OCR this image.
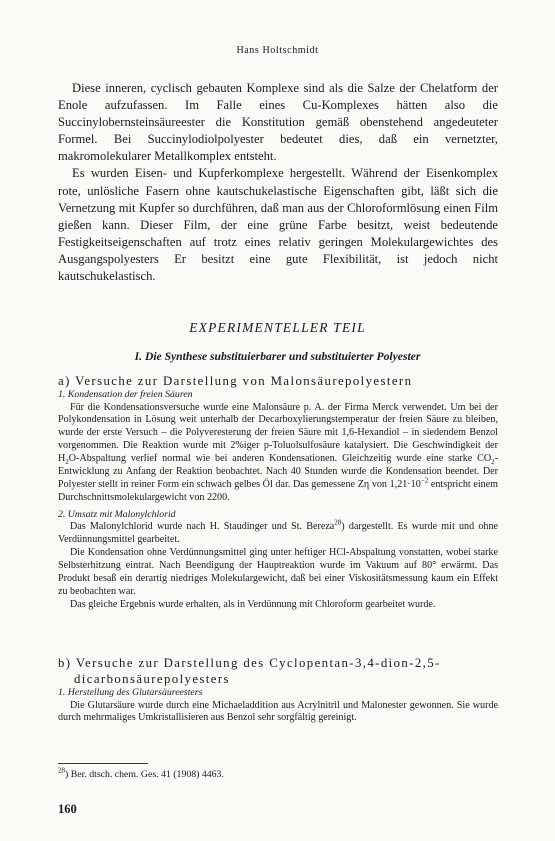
Hans Holtschmidt

Diese inneren, cyclisch gebauten Komplexe sind als die Salze der Chelatform der Enole aufzufassen. Im Falle eines Cu-Komplexes hätten also die Succinylobernsteinsäureester die Konstitution gemäß obenstehend angedeuteter Formel. Bei Succinylodiolpolyester bedeutet dies, daß ein vernetzter, makromolekularer Metallkomplex entsteht.

Es wurden Eisen- und Kupferkomplexe hergestellt. Während der Eisenkomplex rote, unlösliche Fasern ohne kautschukelastische Eigenschaften gibt, läßt sich die Vernetzung mit Kupfer so durchführen, daß man aus der Chloroformlösung einen Film gießen kann. Dieser Film, der eine grüne Farbe besitzt, weist bedeutende Festigkeitseigenschaften auf trotz eines relativ geringen Molekulargewichtes des Ausgangspolyesters Er besitzt eine gute Flexibilität, ist jedoch nicht kautschukelastisch.

EXPERIMENTELLER TEIL
I. Die Synthese substituierbarer und substituierter Polyester
a) Versuche zur Darstellung von Malonsäurepolyestern
1. Kondensation der freien Säuren

Für die Kondensationsversuche wurde eine Malonsäure p. A. der Firma Merck verwendet. Um bei der Polykondensation in Lösung weit unterhalb der Decarboxylierungstemperatur der freien Säure zu bleiben, wurde der erste Versuch – die Polyveresterung der freien Säure mit 1,6-Hexandiol – in siedendem Benzol vorgenommen. Die Reaktion wurde mit 2%iger p-Toluolsulfosäure katalysiert. Die Geschwindigkeit der $H_2O$-Abspaltung verlief normal wie bei anderen Kondensationen. Gleichzeitig wurde eine starke $CO_2$-Entwicklung zu Anfang der Reaktion beobachtet. Nach 40 Stunden wurde die Kondensation beendet. Der Polyester stellt in reiner Form ein schwach gelbes Öl dar. Das gemessene Zη von $1,21\cdot 10^{-2}$ entspricht einem Durchschnittsmolekulargewicht von 2200.

2. Umsatz mit Malonylchlorid

Das Malonylchlorid wurde nach H. Staudinger und St. Bereza$^{28}$) dargestellt. Es wurde mit und ohne Verdünnungsmittel gearbeitet.

Die Kondensation ohne Verdünnungsmittel ging unter heftiger HCl-Abspaltung vonstatten, wobei starke Selbsterhitzung eintrat. Nach Beendigung der Hauptreaktion wurde im Vakuum auf 80° erwärmt. Das Produkt besaß ein derartig niedriges Molekulargewicht, daß bei einer Viskositätsmessung kaum ein Effekt zu beobachten war.

Das gleiche Ergebnis wurde erhalten, als in Verdünnung mit Chloroform gearbeitet wurde.

b) Versuche zur Darstellung des Cyclopentan-3,4-dion-2,5-
dicarbonsäurepolyesters
1. Herstellung des Glutarsäureesters

Die Glutarsäure wurde durch eine Michaeladdition aus Acrylnitril und Malonester gewonnen. Sie wurde durch mehrmaliges Umkristallisieren aus Benzol sehr sorgfältig gereinigt.

$^{28}$) Ber. dtsch. chem. Ges. 41 (1908) 4463.
160
